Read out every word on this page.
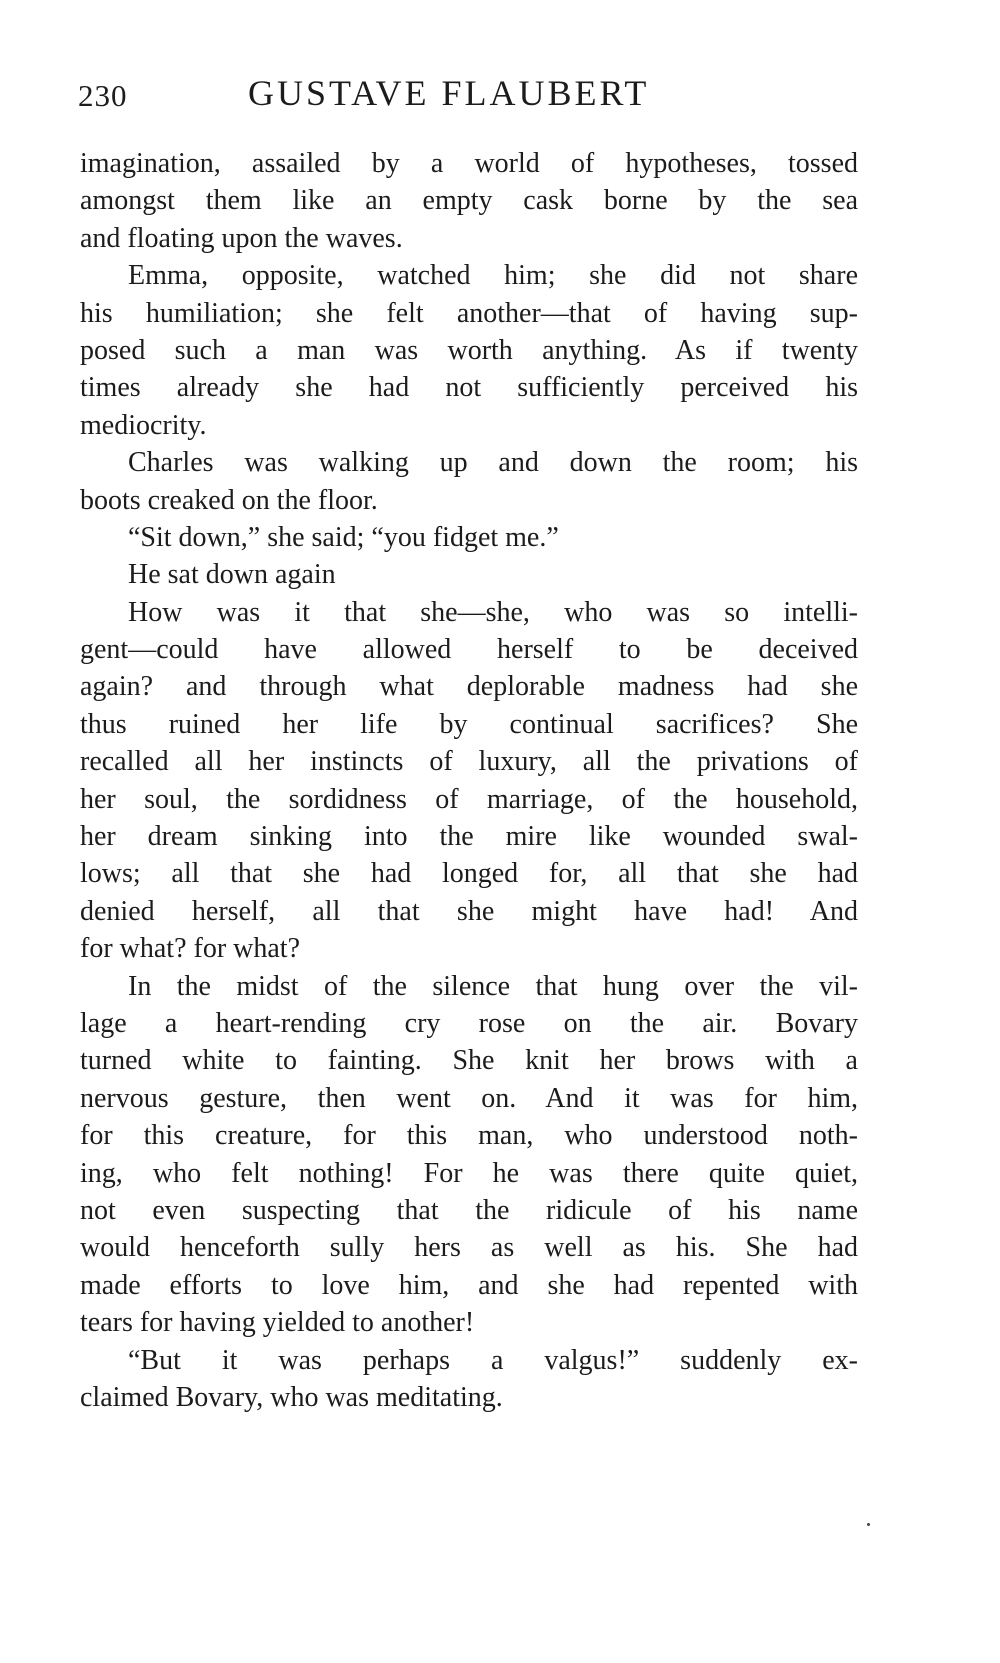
230	GUSTAVE FLAUBERT
imagination, assailed by a world of hypotheses, tossed
amongst them like an empty cask borne by the sea
and floating upon the waves.
Emma, opposite, watched him; she did not share
his humiliation; she felt another—that of having sup-
posed such a man was worth anything. As if twenty
times already she had not sufficiently perceived his
mediocrity.
Charles was walking up and down the room; his
boots creaked on the floor.
“Sit down,” she said; “you fidget me.”
He sat down again
How was it that she—she, who was so intelli-
gent—could have allowed herself to be deceived
again? and through what deplorable madness had she
thus ruined her life by continual sacrifices? She
recalled all her instincts of luxury, all the privations of
her soul, the sordidness of marriage, of the household,
her dream sinking into the mire like wounded swal-
lows; all that she had longed for, all that she had
denied herself, all that she might have had! And
for what? for what?
In the midst of the silence that hung over the vil-
lage a heart-rending cry rose on the air. Bovary
turned white to fainting. She knit her brows with a
nervous gesture, then went on. And it was for him,
for this creature, for this man, who understood noth-
ing, who felt nothing! For he was there quite quiet,
not even suspecting that the ridicule of his name
would henceforth sully hers as well as his. She had
made efforts to love him, and she had repented with
tears for having yielded to another!
“But it was perhaps a valgus!” suddenly ex-
claimed Bovary, who was meditating.
